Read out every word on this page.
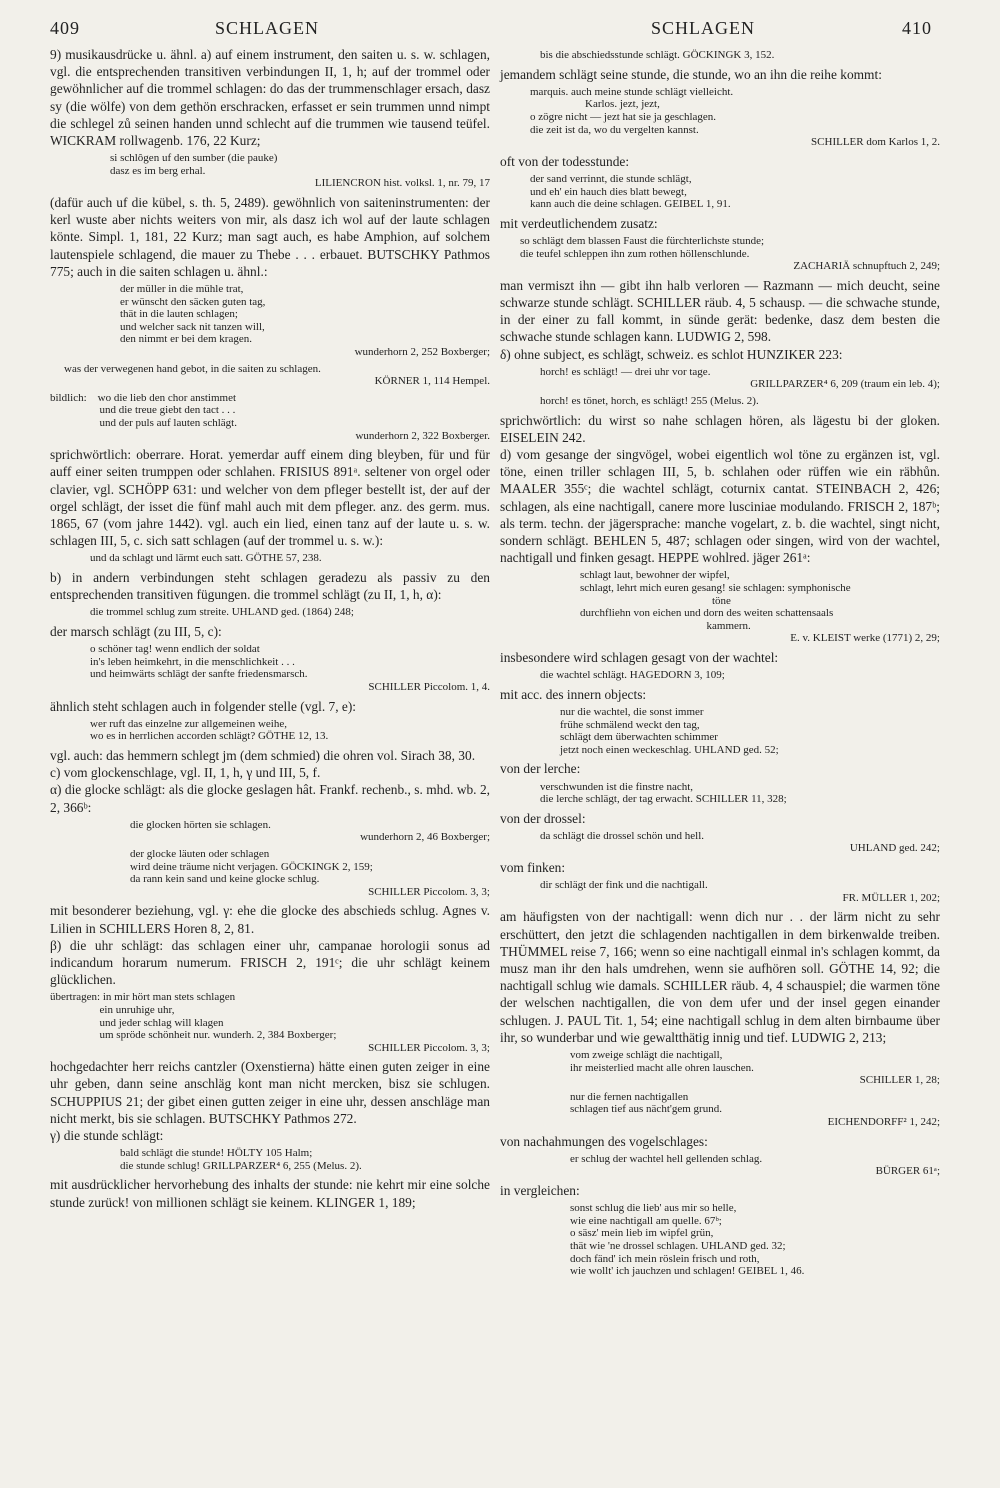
409	SCHLAGEN	SCHLAGEN	410

9) musikausdrücke u. ähnl. a) auf einem instrument, den saiten u. s. w. schlagen, vgl. die entsprechenden transitiven verbindungen II, 1, h; auf der trommel oder gewöhnlicher auf die trommel schlagen: do das der trummenschlager ersach, dasz sy (die wölfe) von dem gethön erschracken, erfasset er sein trummen unnd nimpt die schlegel zů seinen handen unnd schlecht auf die trummen wie tausend teüfel. WICKRAM rollwagenb. 176, 22 Kurz;

si schlôgen uf den sumber (die pauke)
dasz es im berg erhal.
LILIENCRON hist. volksl. 1, nr. 79, 17

(dafür auch uf die kübel, s. th. 5, 2489). gewöhnlich von saiteninstrumenten: der kerl wuste aber nichts weiters von mir, als dasz ich wol auf der laute schlagen könte. Simpl. 1, 181, 22 Kurz; man sagt auch, es habe Amphion, auf solchem lautenspiele schlagend, die mauer zu Thebe . . . erbauet. BUTSCHKY Pathmos 775; auch in die saiten schlagen u. ähnl.:

der müller in die mühle trat,
er wünscht den säcken guten tag,
thät in die lauten schlagen;
und welcher sack nit tanzen will,
den nimmt er bei dem kragen.
wunderhorn 2, 252 Boxberger;
was der verwegenen hand gebot, in die saiten zu schlagen.
KÖRNER 1, 114 Hempel.
bildlich:    wo die lieb den chor anstimmet
und die treue giebt den tact . . .
und der puls auf lauten schlägt.
wunderhorn 2, 322 Boxberger.

sprichwörtlich: oberrare. Horat. yemerdar auff einem ding bleyben, für und für auff einer seiten trumppen oder schlahen. FRISIUS 891ᵃ. seltener von orgel oder clavier, vgl. SCHÖPP 631: und welcher von dem pfleger bestellt ist, der auf der orgel schlägt, der isset die fünf mahl auch mit dem pfleger. anz. des germ. mus. 1865, 67 (vom jahre 1442). vgl. auch ein lied, einen tanz auf der laute u. s. w. schlagen III, 5, c. sich satt schlagen (auf der trommel u. s. w.):

und da schlagt und lärmt euch satt. GÖTHE 57, 238.

b) in andern verbindungen steht schlagen geradezu als passiv zu den entsprechenden transitiven fügungen. die trommel schlägt (zu II, 1, h, α):

die trommel schlug zum streite. UHLAND ged. (1864) 248;

der marsch schlägt (zu III, 5, c):

o schöner tag! wenn endlich der soldat
in's leben heimkehrt, in die menschlichkeit . . .
und heimwärts schlägt der sanfte friedensmarsch.
SCHILLER Piccolom. 1, 4.

ähnlich steht schlagen auch in folgender stelle (vgl. 7, e):

wer ruft das einzelne zur allgemeinen weihe,
wo es in herrlichen accorden schlägt? GÖTHE 12, 13.

vgl. auch: das hemmern schlegt jm (dem schmied) die ohren vol. Sirach 38, 30.

c) vom glockenschlage, vgl. II, 1, h, γ und III, 5, f.

α) die glocke schlägt: als die glocke geslagen hât. Frankf. rechenb., s. mhd. wb. 2, 2, 366ᵇ:

die glocken hörten sie schlagen.
wunderhorn 2, 46 Boxberger;
der glocke läuten oder schlagen
wird deine träume nicht verjagen. GÖCKINGK 2, 159;
da rann kein sand und keine glocke schlug.
SCHILLER Piccolom. 3, 3;

mit besonderer beziehung, vgl. γ: ehe die glocke des abschieds schlug. Agnes v. Lilien in SCHILLERS Horen 8, 2, 81.

β) die uhr schlägt: das schlagen einer uhr, campanae horologii sonus ad indicandum horarum numerum. FRISCH 2, 191ᶜ; die uhr schlägt keinem glücklichen.

übertragen: in mir hört man stets schlagen
ein unruhige uhr,
und jeder schlag will klagen
um spröde schönheit nur. wunderh. 2, 384 Boxberger;
SCHILLER Piccolom. 3, 3;

hochgedachter herr reichs cantzler (Oxenstierna) hätte einen guten zeiger in eine uhr geben, dann seine anschläg kont man nicht mercken, bisz sie schlugen. SCHUPPIUS 21; der gibet einen gutten zeiger in eine uhr, dessen anschläge man nicht merkt, bis sie schlagen. BUTSCHKY Pathmos 272.

γ) die stunde schlägt:

bald schlägt die stunde! HÖLTY 105 Halm;
die stunde schlug! GRILLPARZER⁴ 6, 255 (Melus. 2).

mit ausdrücklicher hervorhebung des inhalts der stunde: nie kehrt mir eine solche stunde zurück! von millionen schlägt sie keinem. KLINGER 1, 189;

bis die abschiedsstunde schlägt. GÖCKINGK 3, 152.

jemandem schlägt seine stunde, die stunde, wo an ihn die reihe kommt:

marquis. auch meine stunde schlägt vielleicht.
Karlos. jezt, jezt,
o zögre nicht — jezt hat sie ja geschlagen.
die zeit ist da, wo du vergelten kannst.
SCHILLER dom Karlos 1, 2.

oft von der todesstunde:

der sand verrinnt, die stunde schlägt,
und eh' ein hauch dies blatt bewegt,
kann auch die deine schlagen. GEIBEL 1, 91.

mit verdeutlichendem zusatz:

so schlägt dem blassen Faust die fürchterlichste stunde;
die teufel schleppen ihn zum rothen höllenschlunde.
ZACHARIÄ schnupftuch 2, 249;

man vermiszt ihn — gibt ihn halb verloren — Razmann — mich deucht, seine schwarze stunde schlägt. SCHILLER räub. 4, 5 schausp. — die schwache stunde, in der einer zu fall kommt, in sünde gerät: bedenke, dasz dem besten die schwache stunde schlagen kann. LUDWIG 2, 598.

δ) ohne subject, es schlägt, schweiz. es schlot HUNZIKER 223:

horch! es schlägt! — drei uhr vor tage.
GRILLPARZER⁴ 6, 209 (traum ein leb. 4);
horch! es tönet, horch, es schlägt! 255 (Melus. 2).

sprichwörtlich: du wirst so nahe schlagen hören, als lägestu bi der gloken. EISELEIN 242.

d) vom gesange der singvögel, wobei eigentlich wol töne zu ergänzen ist, vgl. töne, einen triller schlagen III, 5, b. schlahen oder rüffen wie ein räbhůn. MAALER 355ᶜ; die wachtel schlägt, coturnix cantat. STEINBACH 2, 426; schlagen, als eine nachtigall, canere more lusciniae modulando. FRISCH 2, 187ᵇ; als term. techn. der jägersprache: manche vogelart, z. b. die wachtel, singt nicht, sondern schlägt. BEHLEN 5, 487; schlagen oder singen, wird von der wachtel, nachtigall und finken gesagt. HEPPE wohlred. jäger 261ᵃ:

schlagt laut, bewohner der wipfel,
schlagt, lehrt mich euren gesang! sie schlagen: symphonische
töne
durchfliehn von eichen und dorn des weiten schattensaals
kammern.
E. v. KLEIST werke (1771) 2, 29;

insbesondere wird schlagen gesagt von der wachtel:

die wachtel schlägt. HAGEDORN 3, 109;

mit acc. des innern objects:

nur die wachtel, die sonst immer
frühe schmälend weckt den tag,
schlägt dem überwachten schimmer
jetzt noch einen weckeschlag. UHLAND ged. 52;

von der lerche:

verschwunden ist die finstre nacht,
die lerche schlägt, der tag erwacht. SCHILLER 11, 328;

von der drossel:

da schlägt die drossel schön und hell.
UHLAND ged. 242;

vom finken:

dir schlägt der fink und die nachtigall.
FR. MÜLLER 1, 202;

am häufigsten von der nachtigall: wenn dich nur . . der lärm nicht zu sehr erschüttert, den jetzt die schlagenden nachtigallen in dem birkenwalde treiben. THÜMMEL reise 7, 166; wenn so eine nachtigall einmal in's schlagen kommt, da musz man ihr den hals umdrehen, wenn sie aufhören soll. GÖTHE 14, 92; die nachtigall schlug wie damals. SCHILLER räub. 4, 4 schauspiel; die warmen töne der welschen nachtigallen, die von dem ufer und der insel gegen einander schlugen. J. PAUL Tit. 1, 54; eine nachtigall schlug in dem alten birnbaume über ihr, so wunderbar und wie gewaltthätig innig und tief. LUDWIG 2, 213;

vom zweige schlägt die nachtigall,
ihr meisterlied macht alle ohren lauschen.
SCHILLER 1, 28;
nur die fernen nachtigallen
schlagen tief aus nächt'gem grund.
EICHENDORFF² 1, 242;

von nachahmungen des vogelschlages:

er schlug der wachtel hell gellenden schlag.
BÜRGER 61ᵃ;

in vergleichen:

sonst schlug die lieb' aus mir so helle,
wie eine nachtigall am quelle. 67ᵇ;
o säsz' mein lieb im wipfel grün,
thät wie 'ne drossel schlagen. UHLAND ged. 32;
doch fänd' ich mein röslein frisch und roth,
wie wollt' ich jauchzen und schlagen! GEIBEL 1, 46.
